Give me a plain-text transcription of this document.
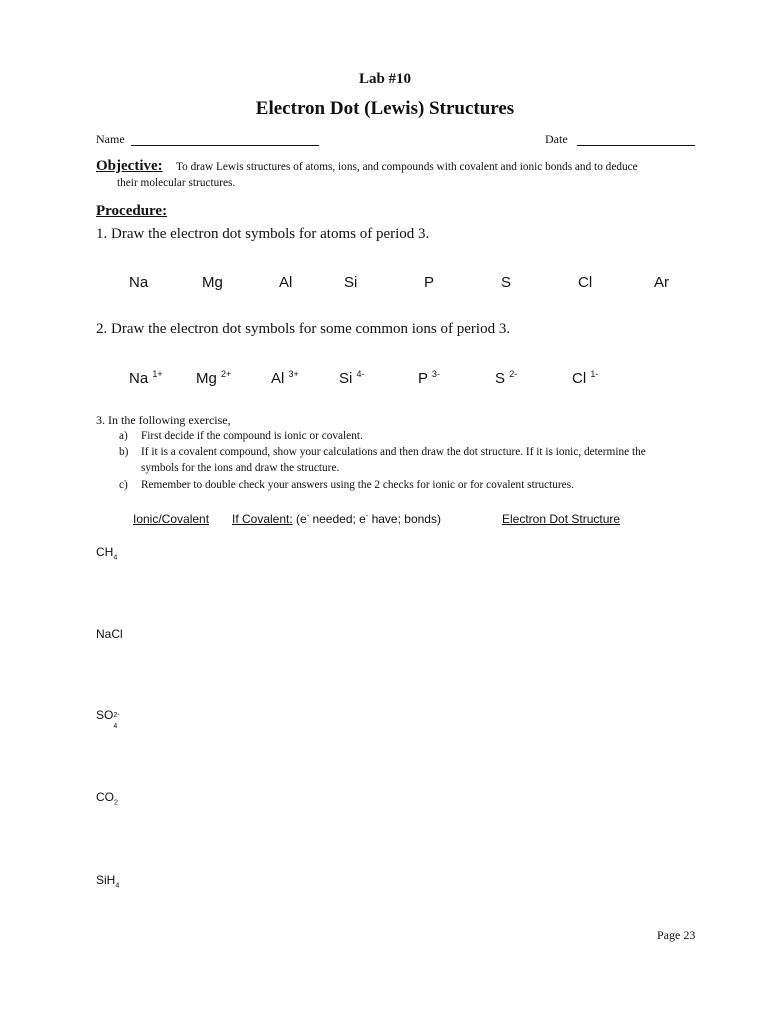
Lab #10
Electron Dot (Lewis) Structures
Name	Date
Objective: To draw Lewis structures of atoms, ions, and compounds with covalent and ionic bonds and to deduce
their molecular structures.
Procedure:
1. Draw the electron dot symbols for atoms of period 3.
Na	Mg	Al	Si	P	S	Cl	Ar
2. Draw the electron dot symbols for some common ions of period 3.
Na $^{1+}$ Mg $^{2+}$	Al $^{3+}$	Si $^{4-}$	P $^{3-}$	S $^{2-}$	Cl $^{1-}$
3. In the following exercise,
a) First decide if the compound is ionic or covalent.
b) If it is a covalent compound, show your calculations and then draw the dot structure. If it is ionic, determine the
symbols for the ions and draw the structure.
c) Remember to double check your answers using the 2 checks for ionic or for covalent structures.
Ionic/Covalent If Covalent: (e- needed; e- have; bonds)	Electron Dot Structure
$CH_4$
NaCl
SO 2-
4
$CO_2$
SiH$_4$
Page 23
